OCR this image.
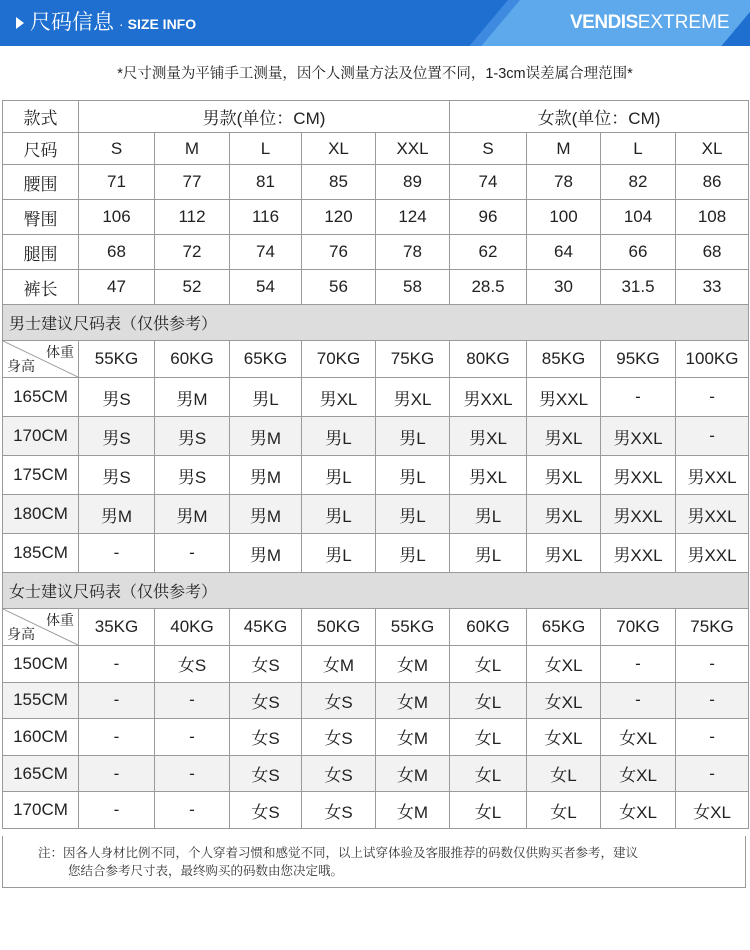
尺码信息 · SIZE INFO	VENDISEXTREME
*尺寸测量为平铺手工测量，因个人测量方法及位置不同，1-3cm误差属合理范围*
款式	男款(单位：CM)					女款(单位：CM)			
尺码	S	M	L	XL	XXL	S	M	L	XL
腰围	71	77	81	85	89	74	78	82	86
臀围	106	112	116	120	124	96	100	104	108
腿围	68	72	74	76	78	62	64	66	68
裤长	47	52	54	56	58	28.5	30	31.5	33
男士建议尺码表（仅供参考）									

体重
身高	55KG	60KG	65KG	70KG	75KG	80KG	85KG	95KG	100KG
165CM	男S	男M	男L	男XL	男XL	男XXL	男XXL	-	-
170CM	男S	男S	男M	男L	男L	男XL	男XL	男XXL	-
175CM	男S	男S	男M	男L	男L	男XL	男XL	男XXL	男XXL
180CM	男M	男M	男M	男L	男L	男L	男XL	男XXL	男XXL
185CM	-	-	男M	男L	男L	男L	男XL	男XXL	男XXL
女士建议尺码表（仅供参考）									

体重
身高	35KG	40KG	45KG	50KG	55KG	60KG	65KG	70KG	75KG
150CM	-	女S	女S	女M	女M	女L	女XL	-	-
155CM	-	-	女S	女S	女M	女L	女XL	-	-
160CM	-	-	女S	女S	女M	女L	女XL	女XL	-
165CM	-	-	女S	女S	女M	女L	女L	女XL	-
170CM	-	-	女S	女S	女M	女L	女L	女XL	女XL
注：因各人身材比例不同，个人穿着习惯和感觉不同，以上试穿体验及客服推荐的码数仅供购买者参考，建议
您结合参考尺寸表，最终购买的码数由您决定哦。
